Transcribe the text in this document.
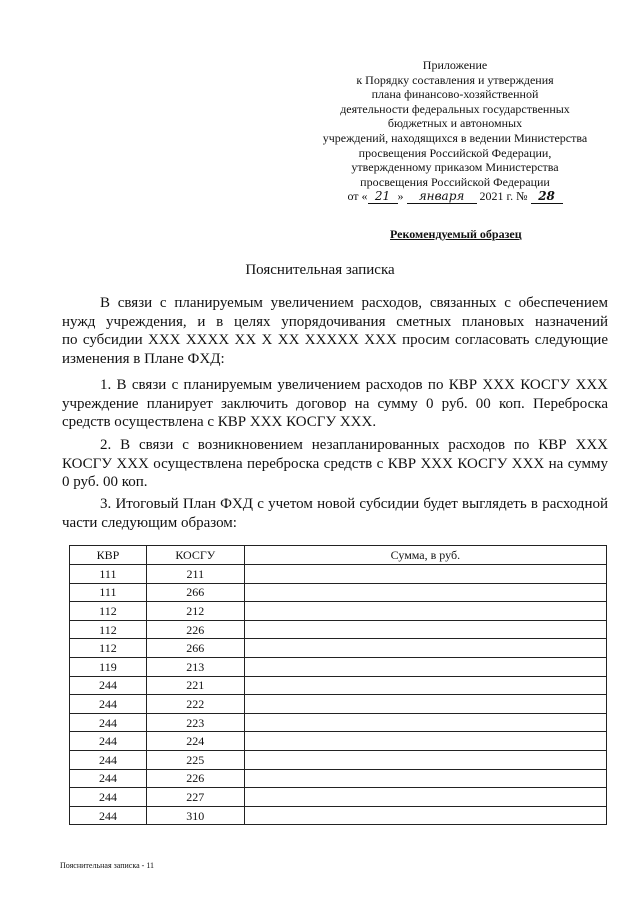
Приложение
к Порядку составления и утверждения
плана финансово-хозяйственной
деятельности федеральных государственных
бюджетных и автономных
учреждений, находящихся в ведении Министерства
просвещения Российской Федерации,
утвержденному приказом Министерства
просвещения Российской Федерации
от « 21 » января 2021 г. № 28
Рекомендуемый образец
Пояснительная записка
В связи с планируемым увеличением расходов, связанных с обеспечением
нужд учреждения, и в целях упорядочивания сметных плановых назначений
по субсидии ХХХ ХХХХ ХХ Х ХХ ХХХХХ ХХХ просим согласовать следующие
изменения в Плане ФХД:
1. В связи с планируемым увеличением расходов по КВР ХХХ КОСГУ ХХХ
учреждение планирует заключить договор на сумму 0 руб. 00 коп. Переброска
средств осуществлена с КВР ХХХ КОСГУ ХХХ.
2. В связи с возникновением незапланированных расходов по КВР ХХХ
КОСГУ ХХХ осуществлена переброска средств с КВР ХХХ КОСГУ ХХХ на сумму
0 руб. 00 коп.
3. Итоговый План ФХД с учетом новой субсидии будет выглядеть в расходной
части следующим образом:
КВР	КОСГУ	Сумма, в руб.
111	211	
111	266	
112	212	
112	226	
112	266	
119	213	
244	221	
244	222	
244	223	
244	224	
244	225	
244	226	
244	227	
244	310	
Пояснительная записка - 11
